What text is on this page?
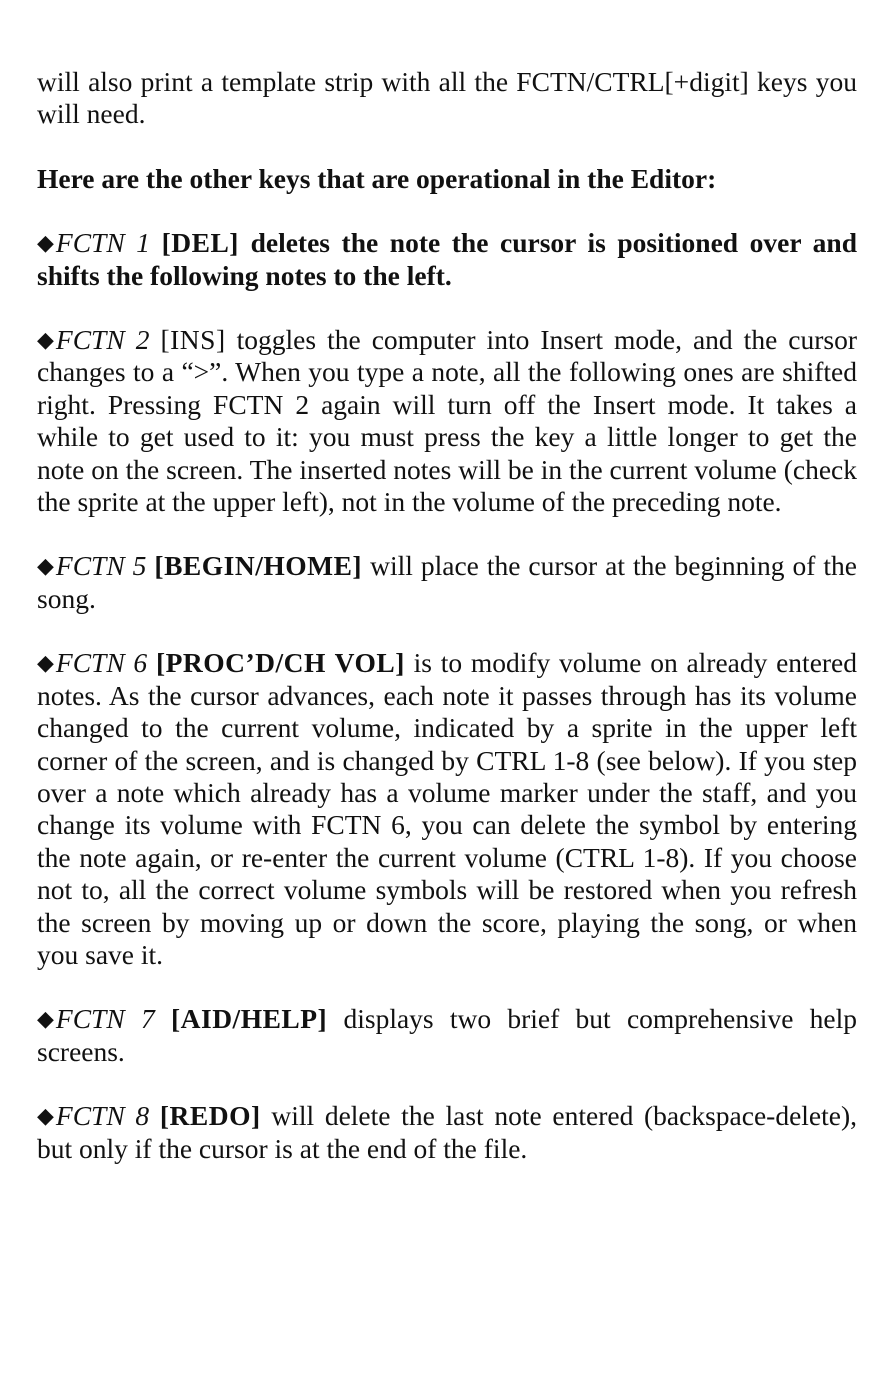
will also print a template strip with all the FCTN/CTRL[+digit] keys you will need.

Here are the other keys that are operational in the Editor:

◆FCTN 1 [DEL] deletes the note the cursor is positioned over and shifts the following notes to the left.

◆FCTN 2 [INS] toggles the computer into Insert mode, and the cursor changes to a “>”. When you type a note, all the following ones are shifted right. Pressing FCTN 2 again will turn off the Insert mode. It takes a while to get used to it: you must press the key a little longer to get the note on the screen. The inserted notes will be in the current volume (check the sprite at the upper left), not in the volume of the preceding note.

◆FCTN 5 [BEGIN/HOME] will place the cursor at the beginning of the song.

◆FCTN 6 [PROC’D/CH VOL] is to modify volume on already entered notes. As the cursor advances, each note it passes through has its volume changed to the current volume, indicated by a sprite in the upper left corner of the screen, and is changed by CTRL 1-8 (see below). If you step over a note which already has a volume marker under the staff, and you change its volume with FCTN 6, you can delete the symbol by entering the note again, or re-enter the current volume (CTRL 1-8). If you choose not to, all the correct volume symbols will be restored when you refresh the screen by moving up or down the score, playing the song, or when you save it.

◆FCTN 7 [AID/HELP] displays two brief but comprehensive help screens.

◆FCTN 8 [REDO] will delete the last note entered (backspace-delete), but only if the cursor is at the end of the file.
